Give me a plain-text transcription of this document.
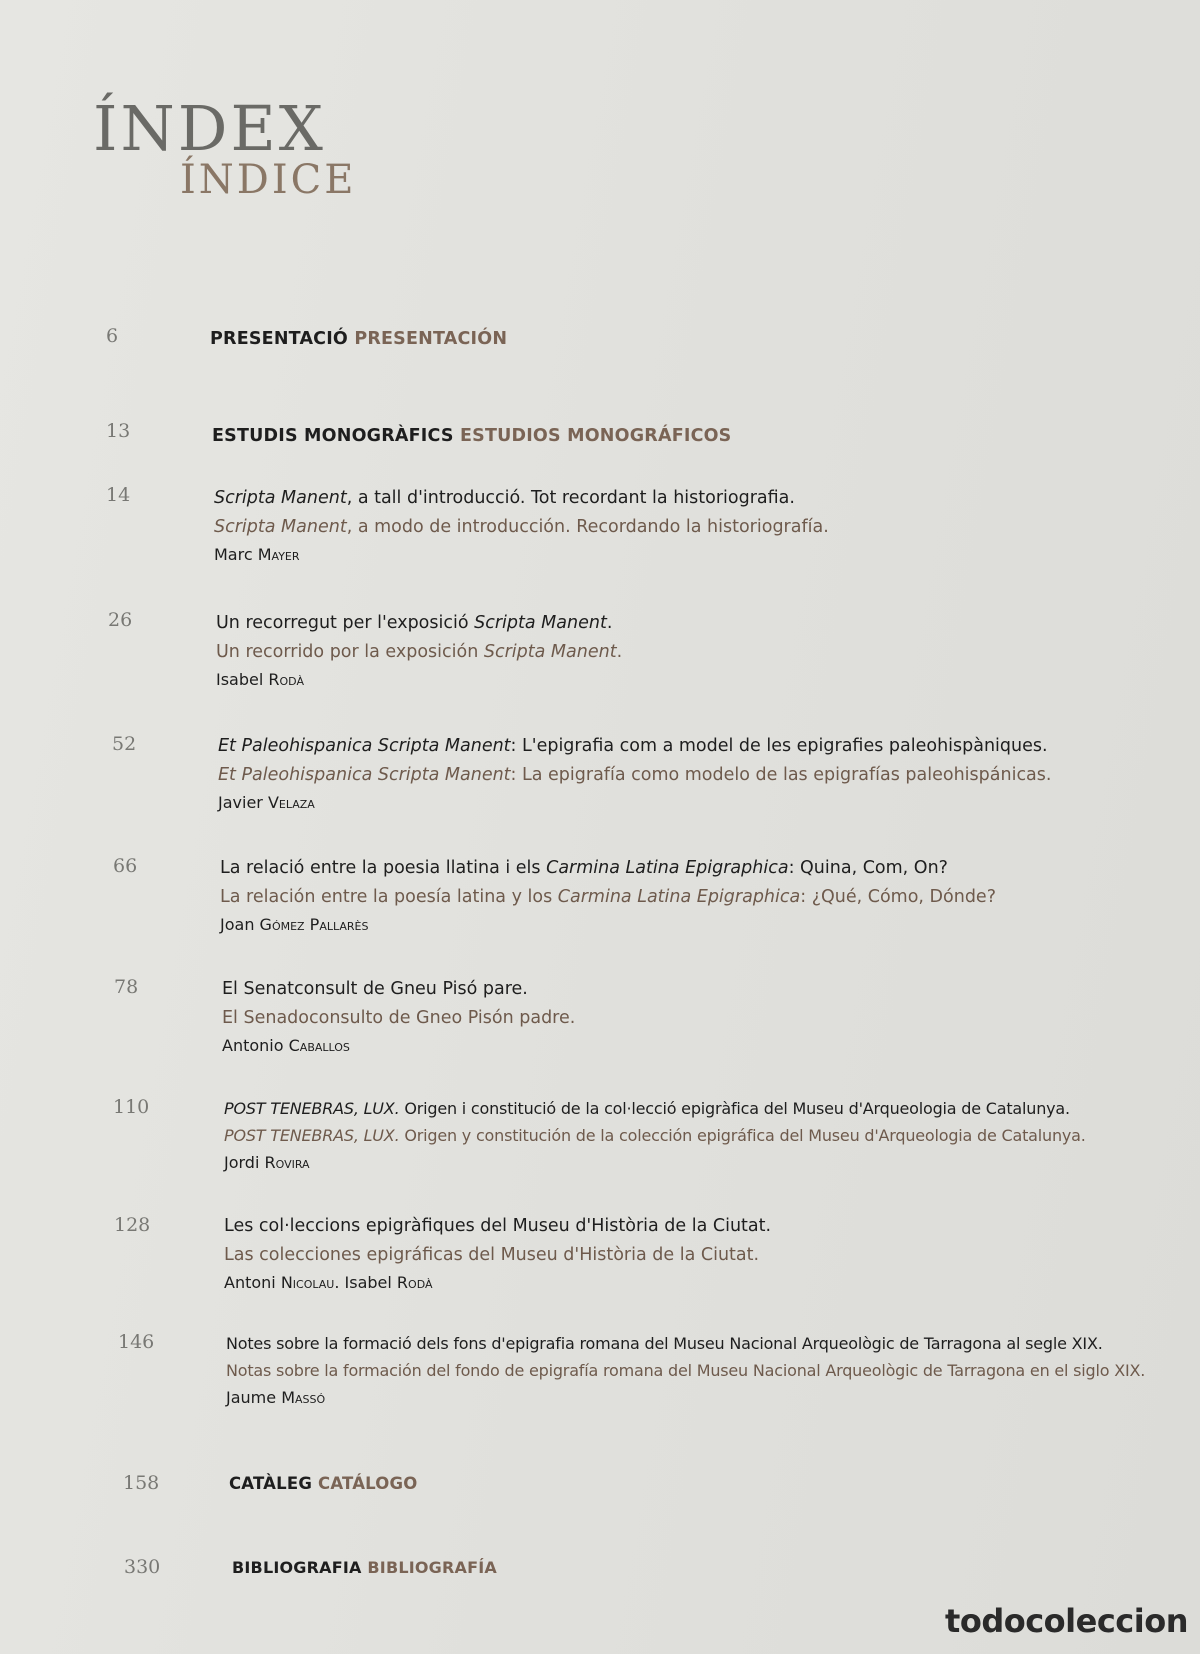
ÍNDEX
ÍNDICE
6	PRESENTACIÓ PRESENTACIÓN
13	ESTUDIS MONOGRÀFICS ESTUDIOS MONOGRÁFICOS
14	Scripta Manent, a tall d'introducció. Tot recordant la historiografia.
Scripta Manent, a modo de introducción. Recordando la historiografía.
Marc Mayer
26	Un recorregut per l'exposició Scripta Manent.
Un recorrido por la exposición Scripta Manent.
Isabel Rodà
52	Et Paleohispanica Scripta Manent: L'epigrafia com a model de les epigrafies paleohispàniques.
Et Paleohispanica Scripta Manent: La epigrafía como modelo de las epigrafías paleohispánicas.
Javier Velaza
66	La relació entre la poesia llatina i els Carmina Latina Epigraphica: Quina, Com, On?
La relación entre la poesía latina y los Carmina Latina Epigraphica: ¿Qué, Cómo, Dónde?
Joan Gómez Pallarès
78	El Senatconsult de Gneu Pisó pare.
El Senadoconsulto de Gneo Pisón padre.
Antonio Caballos
110	POST TENEBRAS, LUX. Origen i constitució de la col·lecció epigràfica del Museu d'Arqueologia de Catalunya.
POST TENEBRAS, LUX. Origen y constitución de la colección epigráfica del Museu d'Arqueologia de Catalunya.
Jordi Rovira
128	Les col·leccions epigràfiques del Museu d'Història de la Ciutat.
Las colecciones epigráficas del Museu d'Història de la Ciutat.
Antoni Nicolau. Isabel Rodà
146	Notes sobre la formació dels fons d'epigrafia romana del Museu Nacional Arqueològic de Tarragona al segle XIX.
Notas sobre la formación del fondo de epigrafía romana del Museu Nacional Arqueològic de Tarragona en el siglo XIX.
Jaume Massó
158	CATÀLEG CATÁLOGO
330	BIBLIOGRAFIA BIBLIOGRAFÍA
todocoleccion
